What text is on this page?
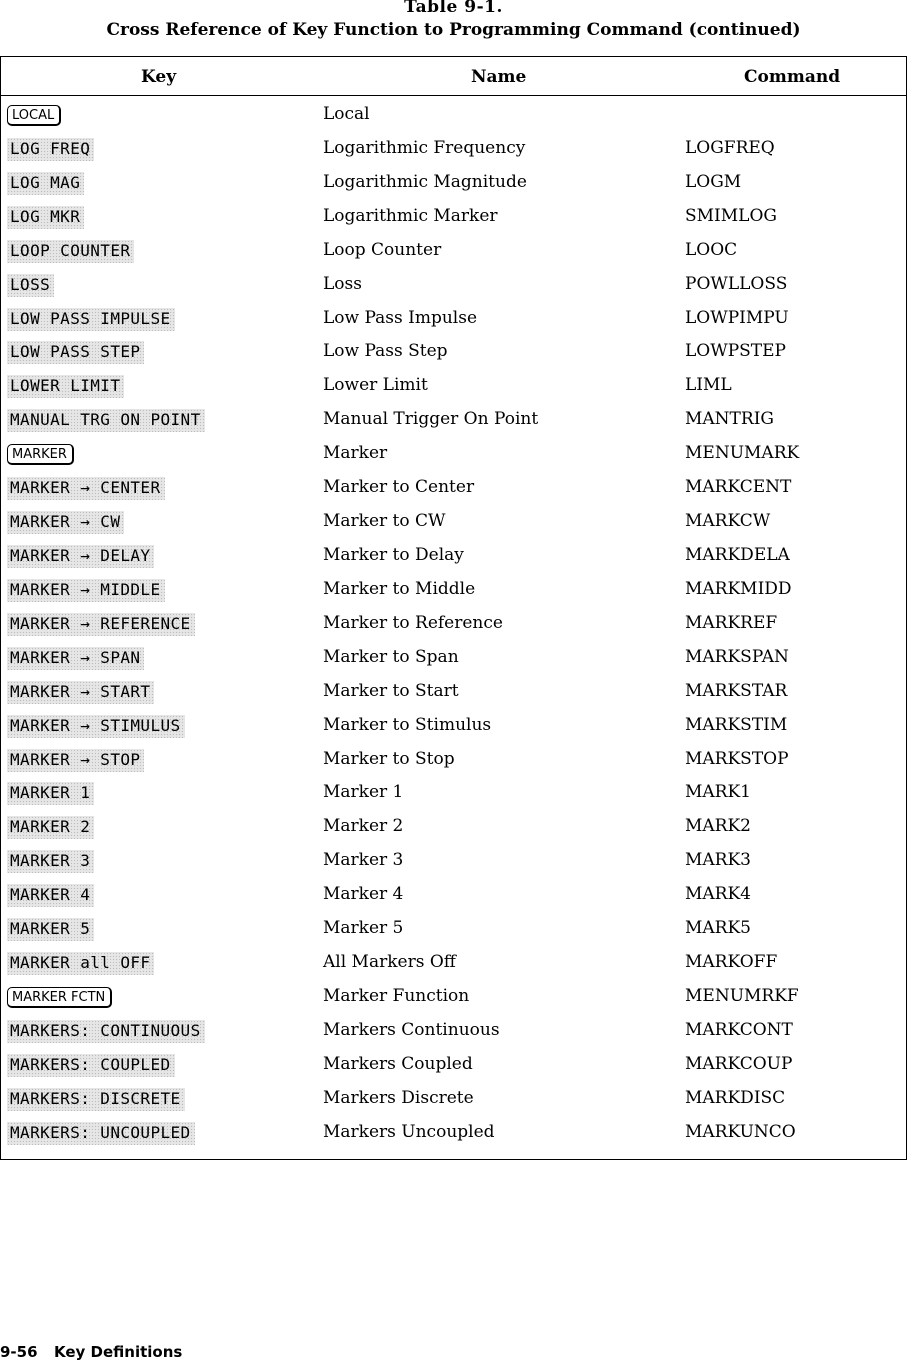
Table 9-1.
Cross Reference of Key Function to Programming Command (continued)
Key	Name	Command
LOCAL	Local
LOG FREQ	Logarithmic Frequency	LOGFREQ
LOG MAG	Logarithmic Magnitude	LOGM
LOG MKR	Logarithmic Marker	SMIMLOG
LOOP COUNTER	Loop Counter	LOOC
LOSS	Loss	POWLLOSS
LOW PASS IMPULSE	Low Pass Impulse	LOWPIMPU
LOW PASS STEP	Low Pass Step	LOWPSTEP
LOWER LIMIT	Lower Limit	LIML
MANUAL TRG ON POINT	Manual Trigger On Point	MANTRIG
MARKER	Marker	MENUMARK
MARKER → CENTER	Marker to Center	MARKCENT
MARKER → CW	Marker to CW	MARKCW
MARKER → DELAY	Marker to Delay	MARKDELA
MARKER → MIDDLE	Marker to Middle	MARKMIDD
MARKER → REFERENCE	Marker to Reference	MARKREF
MARKER → SPAN	Marker to Span	MARKSPAN
MARKER → START	Marker to Start	MARKSTAR
MARKER → STIMULUS	Marker to Stimulus	MARKSTIM
MARKER → STOP	Marker to Stop	MARKSTOP
MARKER 1	Marker 1	MARK1
MARKER 2	Marker 2	MARK2
MARKER 3	Marker 3	MARK3
MARKER 4	Marker 4	MARK4
MARKER 5	Marker 5	MARK5
MARKER all OFF	All Markers Off	MARKOFF
MARKER FCTN	Marker Function	MENUMRKF
MARKERS: CONTINUOUS	Markers Continuous	MARKCONT
MARKERS: COUPLED	Markers Coupled	MARKCOUP
MARKERS: DISCRETE	Markers Discrete	MARKDISC
MARKERS: UNCOUPLED	Markers Uncoupled	MARKUNCO
9-56 Key Definitions
